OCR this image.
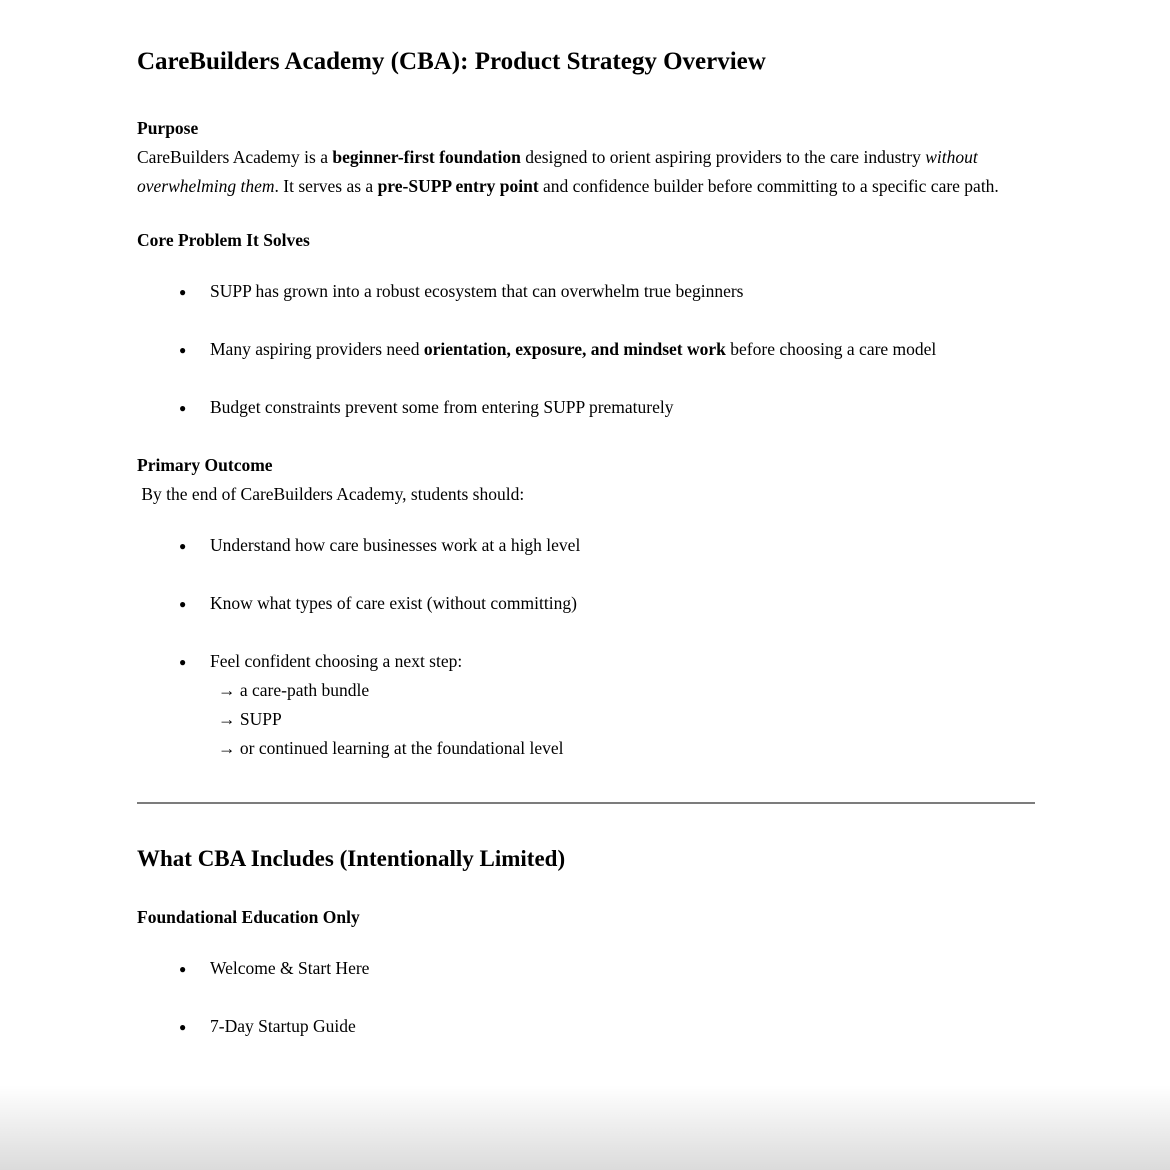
CareBuilders Academy (CBA): Product Strategy Overview
Purpose
CareBuilders Academy is a beginner-first foundation designed to orient aspiring providers to the care industry without overwhelming them. It serves as a pre-SUPP entry point and confidence builder before committing to a specific care path.
Core Problem It Solves
● SUPP has grown into a robust ecosystem that can overwhelm true beginners
● Many aspiring providers need orientation, exposure, and mindset work before choosing a care model
● Budget constraints prevent some from entering SUPP prematurely
Primary Outcome
By the end of CareBuilders Academy, students should:
● Understand how care businesses work at a high level
● Know what types of care exist (without committing)
● Feel confident choosing a next step:
→ a care-path bundle
→ SUPP
→ or continued learning at the foundational level
What CBA Includes (Intentionally Limited)
Foundational Education Only
● Welcome & Start Here
● 7-Day Startup Guide
